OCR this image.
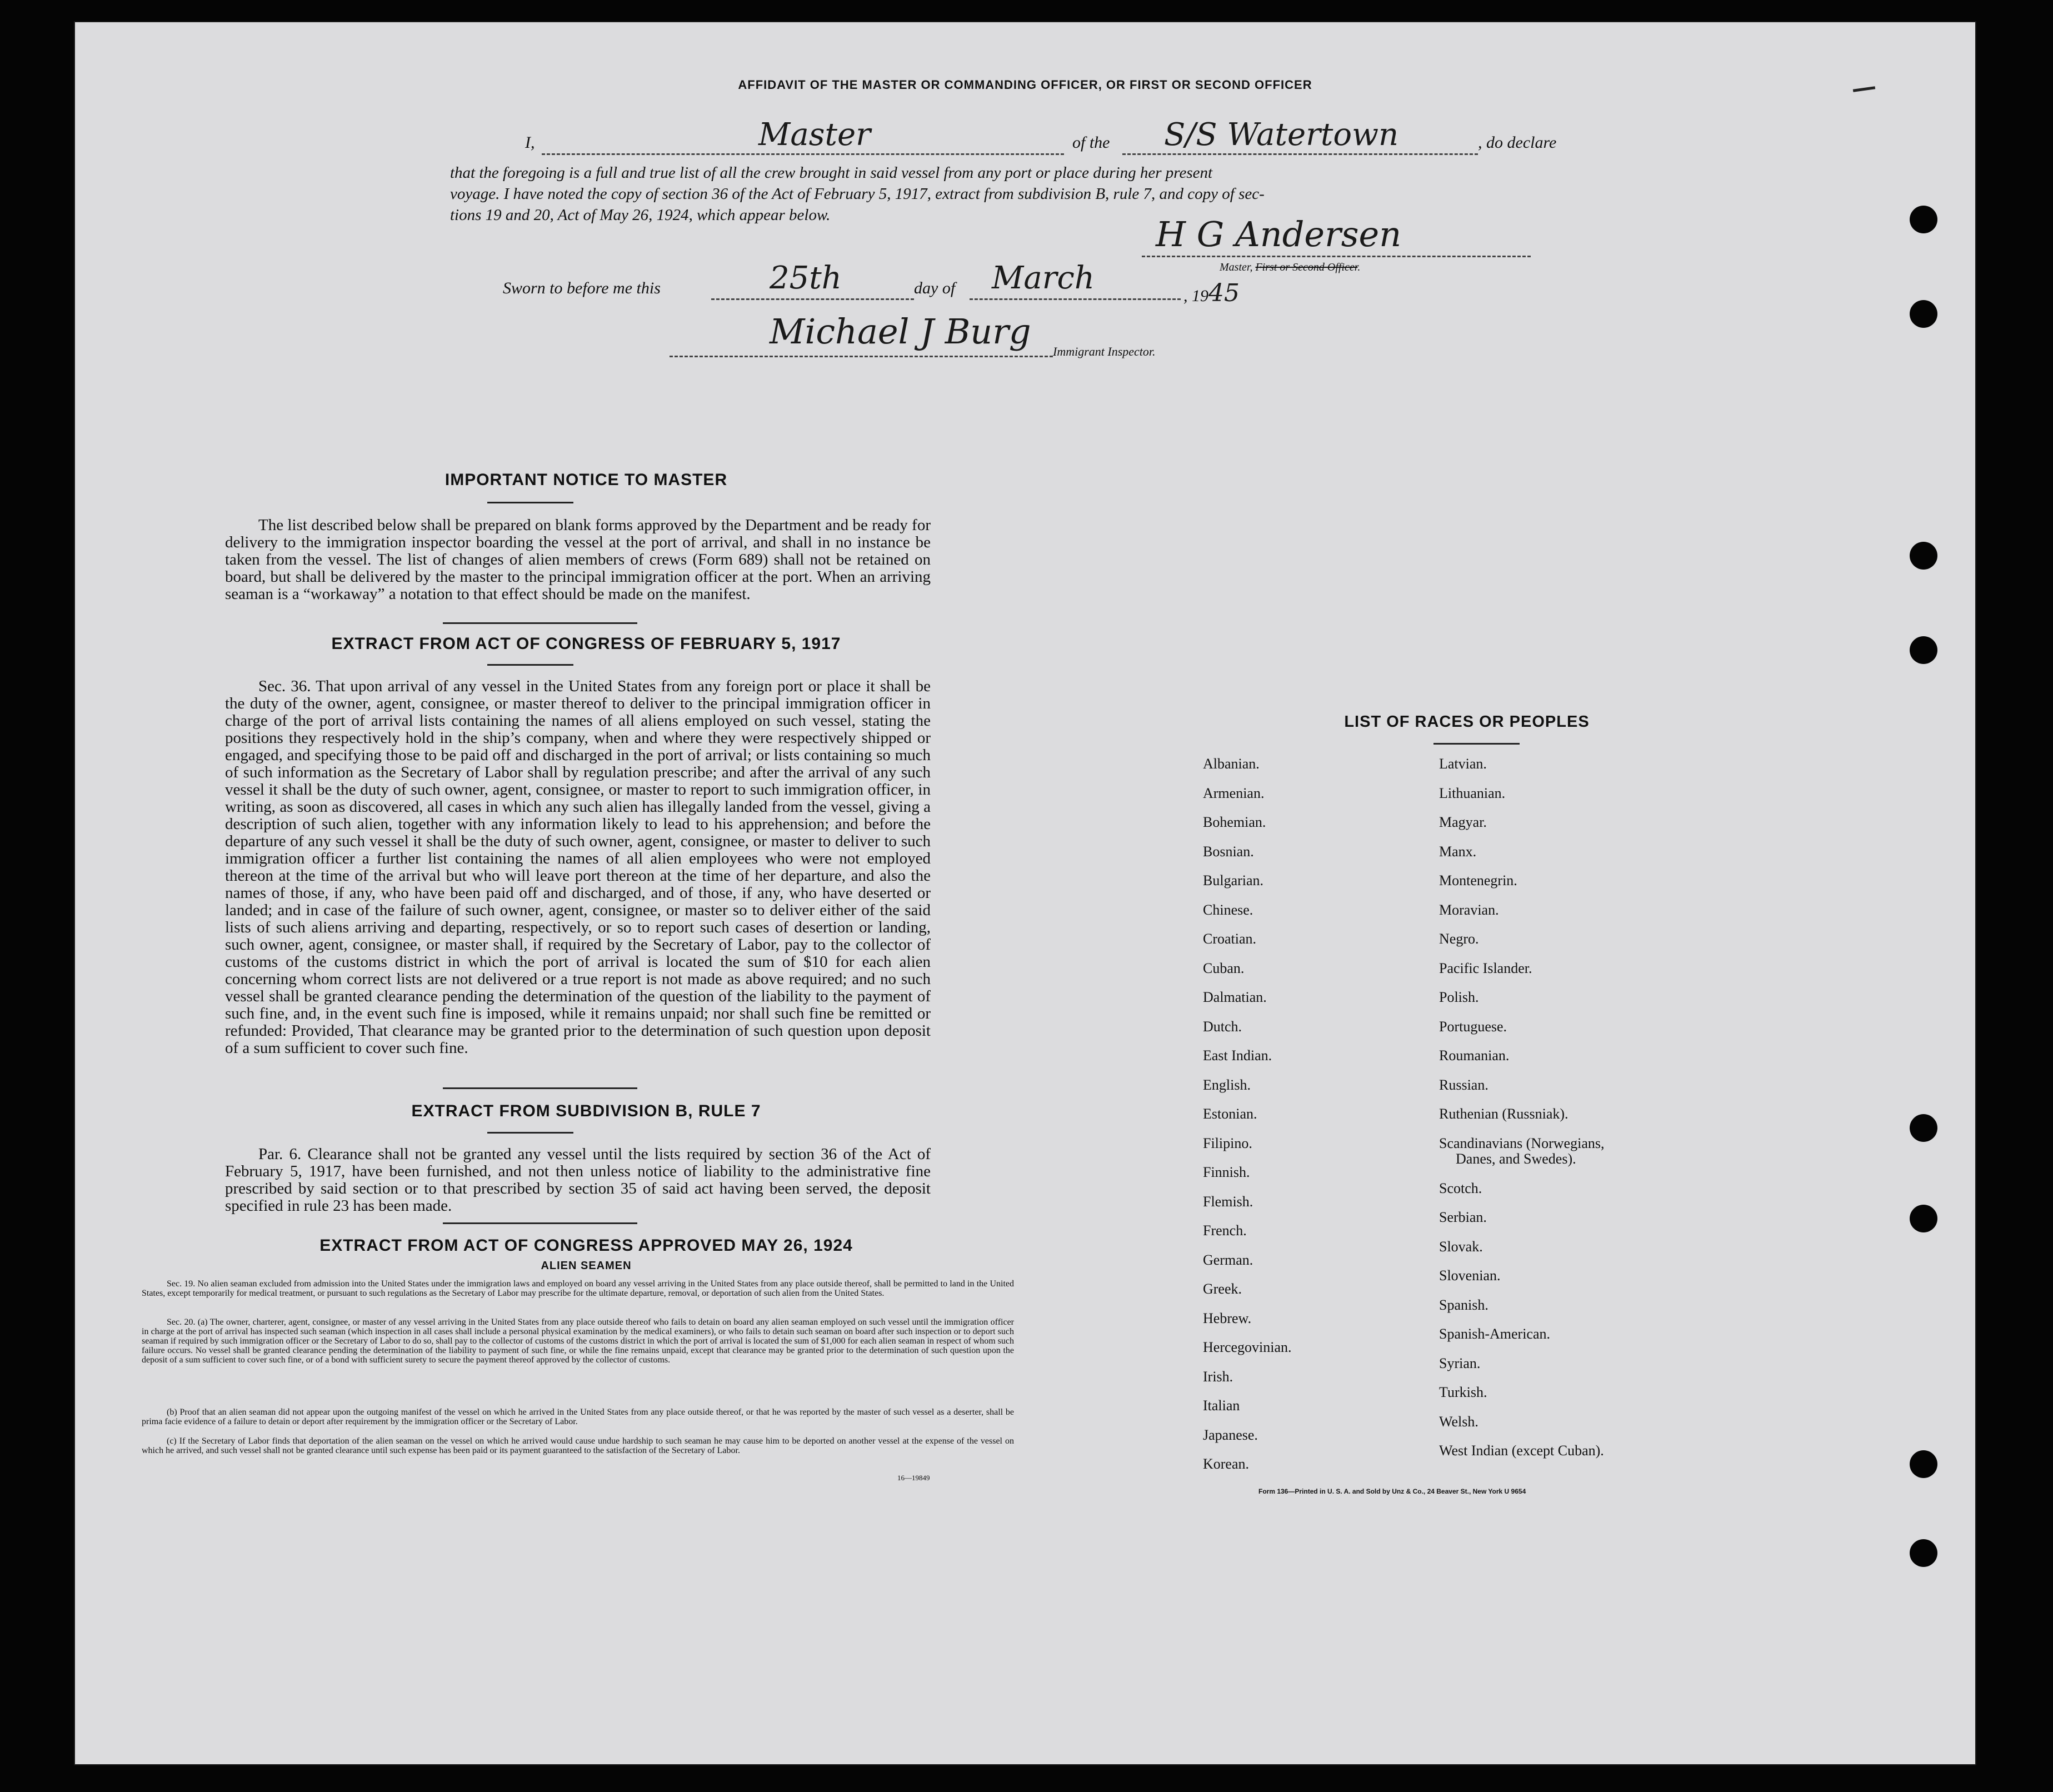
AFFIDAVIT OF THE MASTER OR COMMANDING OFFICER, OR FIRST OR SECOND OFFICER
I,	Master	of the S/S Watertown	, do declare
that the foregoing is a full and true list of all the crew brought in said vessel from any port or place during her present
voyage. I have noted the copy of section 36 of the Act of February 5, 1917, extract from subdivision B, rule 7, and copy of sec-
tions 19 and 20, Act of May 26, 1924, which appear below.	H G Andersen
Master, First or Second Officer.
Sworn to before me this	25th	day of March	, 1945
Michael J Burg Immigrant Inspector.
IMPORTANT NOTICE TO MASTER
The list described below shall be prepared on blank forms approved by the Department and be ready for delivery to the immigration inspector boarding the vessel at the port of arrival, and shall in no instance be taken from the vessel. The list of changes of alien members of crews (Form 689) shall not be retained on board, but shall be delivered by the master to the principal immigration officer at the port. When an arriving seaman is a “workaway” a notation to that effect should be made on the manifest.
EXTRACT FROM ACT OF CONGRESS OF FEBRUARY 5, 1917
Sec. 36. That upon arrival of any vessel in the United States from any foreign port or place it shall be the duty of the owner, agent, consignee, or master thereof to deliver to the principal immigration officer in charge of the port of arrival lists containing the names of all aliens employed on such vessel, stating the positions they respectively hold in the ship’s company, when and where they were respectively shipped or engaged, and specifying those to be paid off and discharged in the port of arrival; or lists containing so much of such information as the Secretary of Labor shall by regulation prescribe; and after the arrival of any such vessel it shall be the duty of such owner, agent, consignee, or master to report to such immigration officer, in writing, as soon as discovered, all cases in which any such alien has illegally landed from the vessel, giving a description of such alien, together with any information likely to lead to his apprehension; and before the departure of any such vessel it shall be the duty of such owner, agent, consignee, or master to deliver to such immigration officer a further list containing the names of all alien employees who were not employed thereon at the time of the arrival but who will leave port thereon at the time of her departure, and also the names of those, if any, who have been paid off and discharged, and of those, if any, who have deserted or landed; and in case of the failure of such owner, agent, consignee, or master so to deliver either of the said lists of such aliens arriving and departing, respectively, or so to report such cases of desertion or landing, such owner, agent, consignee, or master shall, if required by the Secretary of Labor, pay to the collector of customs of the customs district in which the port of arrival is located the sum of $10 for each alien concerning whom correct lists are not delivered or a true report is not made as above required; and no such vessel shall be granted clearance pending the determination of the question of the liability to the payment of such fine, and, in the event such fine is imposed, while it remains unpaid; nor shall such fine be remitted or refunded: Provided, That clearance may be granted prior to the determination of such question upon deposit of a sum sufficient to cover such fine.
EXTRACT FROM SUBDIVISION B, RULE 7
Par. 6. Clearance shall not be granted any vessel until the lists required by section 36 of the Act of February 5, 1917, have been furnished, and not then unless notice of liability to the administrative fine prescribed by said section or to that prescribed by section 35 of said act having been served, the deposit specified in rule 23 has been made.
EXTRACT FROM ACT OF CONGRESS APPROVED MAY 26, 1924
ALIEN SEAMEN
Sec. 19. No alien seaman excluded from admission into the United States under the immigration laws and employed on board any vessel arriving in the United States from any place outside thereof, shall be permitted to land in the United States, except temporarily for medical treatment, or pursuant to such regulations as the Secretary of Labor may prescribe for the ultimate departure, removal, or deportation of such alien from the United States.
Sec. 20. (a) The owner, charterer, agent, consignee, or master of any vessel arriving in the United States from any place outside thereof who fails to detain on board any alien seaman employed on such vessel until the immigration officer in charge at the port of arrival has inspected such seaman (which inspection in all cases shall include a personal physical examination by the medical examiners), or who fails to detain such seaman on board after such inspection or to deport such seaman if required by such immigration officer or the Secretary of Labor to do so, shall pay to the collector of customs of the customs district in which the port of arrival is located the sum of $1,000 for each alien seaman in respect of whom such failure occurs. No vessel shall be granted clearance pending the determination of the liability to payment of such fine, or while the fine remains unpaid, except that clearance may be granted prior to the determination of such question upon the deposit of a sum sufficient to cover such fine, or of a bond with sufficient surety to secure the payment thereof approved by the collector of customs.
(b) Proof that an alien seaman did not appear upon the outgoing manifest of the vessel on which he arrived in the United States from any place outside thereof, or that he was reported by the master of such vessel as a deserter, shall be prima facie evidence of a failure to detain or deport after requirement by the immigration officer or the Secretary of Labor.
(c) If the Secretary of Labor finds that deportation of the alien seaman on the vessel on which he arrived would cause undue hardship to such seaman he may cause him to be deported on another vessel at the expense of the vessel on which he arrived, and such vessel shall not be granted clearance until such expense has been paid or its payment guaranteed to the satisfaction of the Secretary of Labor.
16—19849
LIST OF RACES OR PEOPLES
Albanian.
Armenian.
Bohemian.
Bosnian.
Bulgarian.
Chinese.
Croatian.
Cuban.
Dalmatian.
Dutch.
East Indian.
English.
Estonian.
Filipino.
Finnish.
Flemish.
French.
German.
Greek.
Hebrew.
Hercegovinian.
Irish.
Italian
Japanese.
Korean.
Latvian.
Lithuanian.
Magyar.
Manx.
Montenegrin.
Moravian.
Negro.
Pacific Islander.
Polish.
Portuguese.
Roumanian.
Russian.
Ruthenian (Russniak).
Scandinavians (Norwegians,
Danes, and Swedes).
Scotch.
Serbian.
Slovak.
Slovenian.
Spanish.
Spanish-American.
Syrian.
Turkish.
Welsh.
West Indian (except Cuban).
Form 136—Printed in U. S. A. and Sold by Unz & Co., 24 Beaver St., New York U 9654
